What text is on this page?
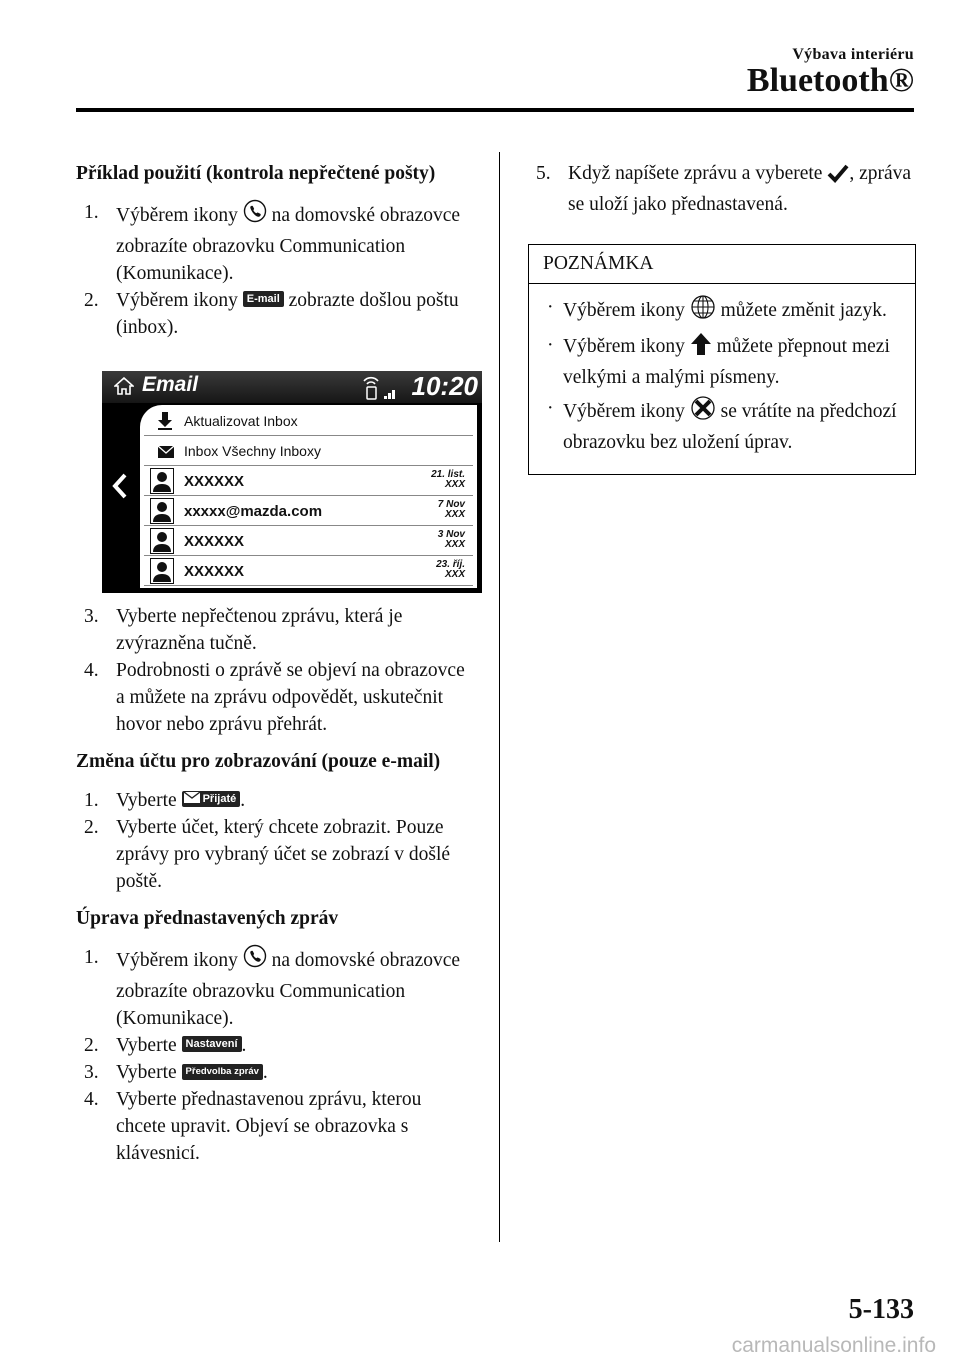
Výbava interiéru
Bluetooth®
Příklad použití (kontrola nepřečtené pošty)
1. Výběrem ikony na domovské obrazovce zobrazíte obrazovku Communication (Komunikace).
2. Výběrem ikony E-mail zobrazte došlou poštu (inbox).
Email	10:20
Aktualizovat Inbox
Inbox Všechny Inboxy
XXXXXX	21. list.
XXX
xxxxx@mazda.com	7 Nov
XXX
XXXXXX	3 Nov
XXX
XXXXXX	23. říj.
XXX
3. Vyberte nepřečtenou zprávu, která je zvýrazněna tučně.
4. Podrobnosti o zprávě se objeví na obrazovce a můžete na zprávu odpovědět, uskutečnit hovor nebo zprávu přehrát.
Změna účtu pro zobrazování (pouze e-mail)
1. Vyberte Přijaté .
2. Vyberte účet, který chcete zobrazit. Pouze zprávy pro vybraný účet se zobrazí v došlé poště.
Úprava přednastavených zpráv
1. Výběrem ikony na domovské obrazovce zobrazíte obrazovku Communication (Komunikace).
2. Vyberte Nastavení .
3. Vyberte Předvolba zpráv .
4. Vyberte přednastavenou zprávu, kterou chcete upravit. Objeví se obrazovka s klávesnicí.
5. Když napíšete zprávu a vyberete , zpráva se uloží jako přednastavená.
POZNÁMKA
· Výběrem ikony můžete změnit jazyk.
· Výběrem ikony můžete přepnout mezi velkými a malými písmeny.
· Výběrem ikony se vrátíte na předchozí obrazovku bez uložení úprav.
5-133
carmanualsonline.info
